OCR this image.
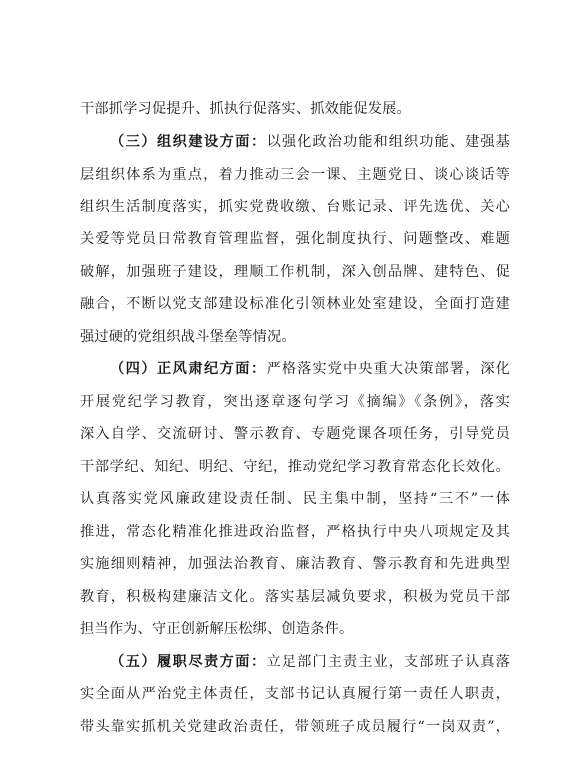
干部抓学习促提升、抓执行促落实、抓效能促发展。
（三）组织建设方面：以强化政治功能和组织功能、建强基
层组织体系为重点，着力推动三会一课、主题党日、谈心谈话等
组织生活制度落实，抓实党费收缴、台账记录、评先选优、关心
关爱等党员日常教育管理监督，强化制度执行、问题整改、难题
破解，加强班子建设，理顺工作机制，深入创品牌、建特色、促
融合，不断以党支部建设标准化引领林业处室建设，全面打造建
强过硬的党组织战斗堡垒等情况。
（四）正风肃纪方面：严格落实党中央重大决策部署，深化
开展党纪学习教育，突出逐章逐句学习《摘编》《条例》，落实
深入自学、交流研讨、警示教育、专题党课各项任务，引导党员
干部学纪、知纪、明纪、守纪，推动党纪学习教育常态化长效化。
认真落实党风廉政建设责任制、民主集中制，坚持“三不”一体
推进，常态化精准化推进政治监督，严格执行中央八项规定及其
实施细则精神，加强法治教育、廉洁教育、警示教育和先进典型
教育，积极构建廉洁文化。落实基层减负要求，积极为党员干部
担当作为、守正创新解压松绑、创造条件。
（五）履职尽责方面：立足部门主责主业，支部班子认真落
实全面从严治党主体责任，支部书记认真履行第一责任人职责，
带头靠实抓机关党建政治责任，带领班子成员履行“一岗双责”，
